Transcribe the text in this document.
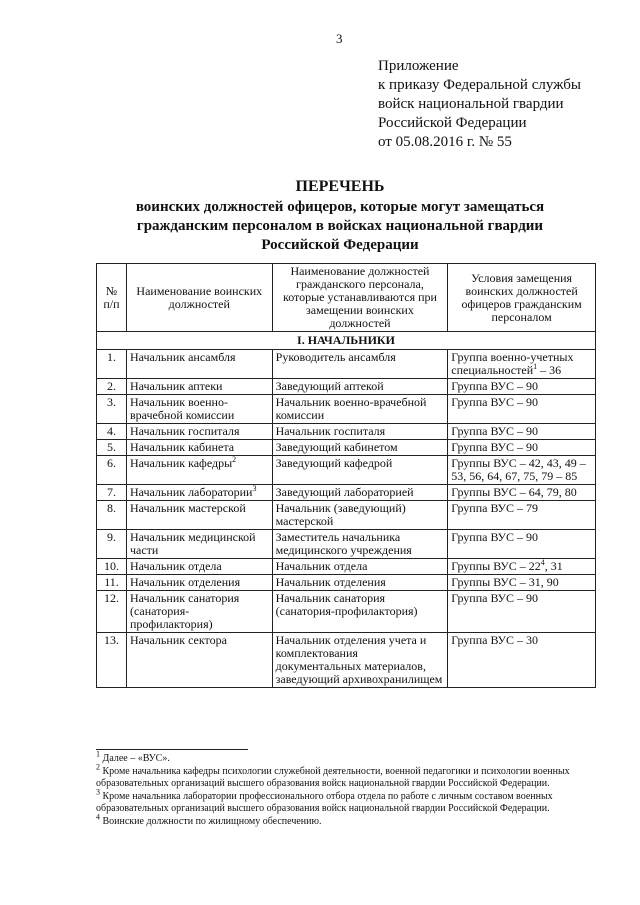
3
Приложение
к приказу Федеральной службы
войск национальной гвардии
Российской Федерации
от 05.08.2016 г. № 55
ПЕРЕЧЕНЬ
воинских должностей офицеров, которые могут замещаться
гражданским персоналом в войсках национальной гвардии
Российской Федерации
№ п/п	Наименование воинских должностей	Наименование должностей гражданского персонала, которые устанавливаются при замещении воинских должностей	Условия замещения воинских должностей офицеров гражданским персоналом
I. НАЧАЛЬНИКИ			
1.	Начальник ансамбля	Руководитель ансамбля	Группа военно-учетных специальностей$^1$ – 36
2.	Начальник аптеки	Заведующий аптекой	Группа ВУС – 90
3.	Начальник военно-врачебной комиссии	Начальник военно-врачебной комиссии	Группа ВУС – 90
4.	Начальник госпиталя	Начальник госпиталя	Группа ВУС – 90
5.	Начальник кабинета	Заведующий кабинетом	Группа ВУС – 90
6.	Начальник кафедры$^2$	Заведующий кафедрой	Группы ВУС – 42, 43, 49 – 53, 56, 64, 67, 75, 79 – 85
7.	Начальник лаборатории$^3$	Заведующий лабораторией	Группы ВУС – 64, 79, 80
8.	Начальник мастерской	Начальник (заведующий) мастерской	Группа ВУС – 79
9.	Начальник медицинской части	Заместитель начальника медицинского учреждения	Группа ВУС – 90
10.	Начальник отдела	Начальник отдела	Группы ВУС – $22^4$, 31
11.	Начальник отделения	Начальник отделения	Группы ВУС – 31, 90
12.	Начальник санатория (санатория-профилактория)	Начальник санатория (санатория-профилактория)	Группа ВУС – 90
13.	Начальник сектора	Начальник отделения учета и комплектования документальных материалов, заведующий архивохранилищем	Группа ВУС – 30

$^1$ Далее – «ВУС».

$^2$ Кроме начальника кафедры психологии служебной деятельности, военной педагогики и психологии военных образовательных организаций высшего образования войск национальной гвардии Российской Федерации.

$^3$ Кроме начальника лаборатории профессионального отбора отдела по работе с личным составом военных образовательных организаций высшего образования войск национальной гвардии Российской Федерации.

$^4$ Воинские должности по жилищному обеспечению.
